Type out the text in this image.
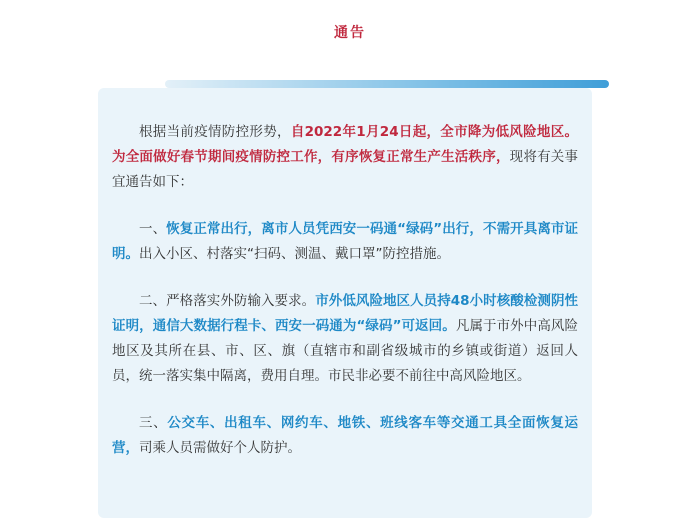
通告

根据当前疫情防控形势，自2022年1月24日起，全市降为低风险地区。为全面做好春节期间疫情防控工作，有序恢复正常生产生活秩序，现将有关事宜通告如下：

一、恢复正常出行，离市人员凭西安一码通“绿码”出行，不需开具离市证明。出入小区、村落实“扫码、测温、戴口罩”防控措施。

二、严格落实外防输入要求。市外低风险地区人员持48小时核酸检测阴性证明，通信大数据行程卡、西安一码通为“绿码”可返回。凡属于市外中高风险地区及其所在县、市、区、旗（直辖市和副省级城市的乡镇或街道）返回人员，统一落实集中隔离，费用自理。市民非必要不前往中高风险地区。

三、公交车、出租车、网约车、地铁、班线客车等交通工具全面恢复运营，司乘人员需做好个人防护。
